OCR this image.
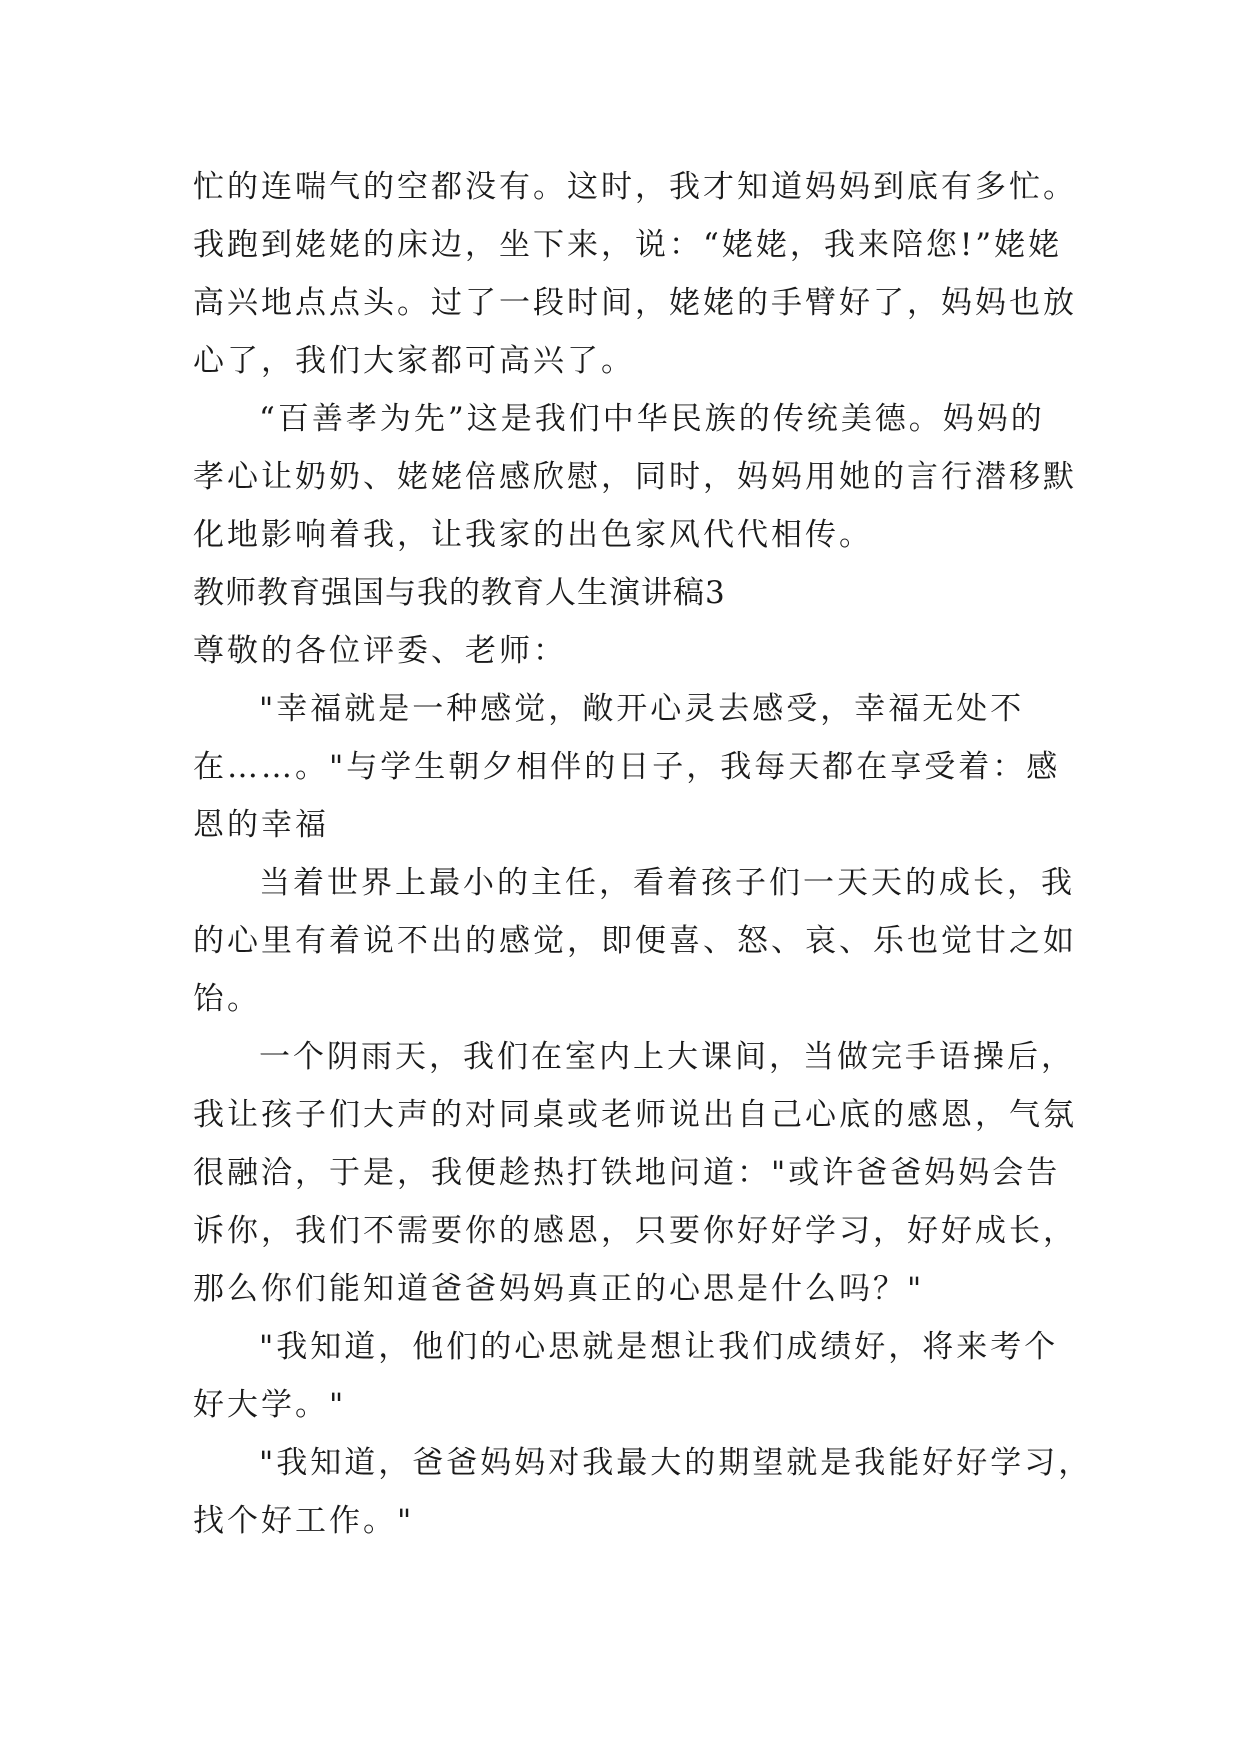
忙的连喘气的空都没有。这时，我才知道妈妈到底有多忙。
我跑到姥姥的床边，坐下来，说：“姥姥，我来陪您!”姥姥
高兴地点点头。过了一段时间，姥姥的手臂好了，妈妈也放
心了，我们大家都可高兴了。
“百善孝为先”这是我们中华民族的传统美德。妈妈的
孝心让奶奶、姥姥倍感欣慰，同时，妈妈用她的言行潜移默
化地影响着我，让我家的出色家风代代相传。
教师教育强国与我的教育人生演讲稿3
尊敬的各位评委、老师：
"幸福就是一种感觉，敞开心灵去感受，幸福无处不
在……。"与学生朝夕相伴的日子，我每天都在享受着：感
恩的幸福
当着世界上最小的主任，看着孩子们一天天的成长，我
的心里有着说不出的感觉，即便喜、怒、哀、乐也觉甘之如
饴。
一个阴雨天，我们在室内上大课间，当做完手语操后，
我让孩子们大声的对同桌或老师说出自己心底的感恩，气氛
很融洽，于是，我便趁热打铁地问道："或许爸爸妈妈会告
诉你，我们不需要你的感恩，只要你好好学习，好好成长，
那么你们能知道爸爸妈妈真正的心思是什么吗？"
"我知道，他们的心思就是想让我们成绩好，将来考个
好大学。"
"我知道，爸爸妈妈对我最大的期望就是我能好好学习，
找个好工作。"
